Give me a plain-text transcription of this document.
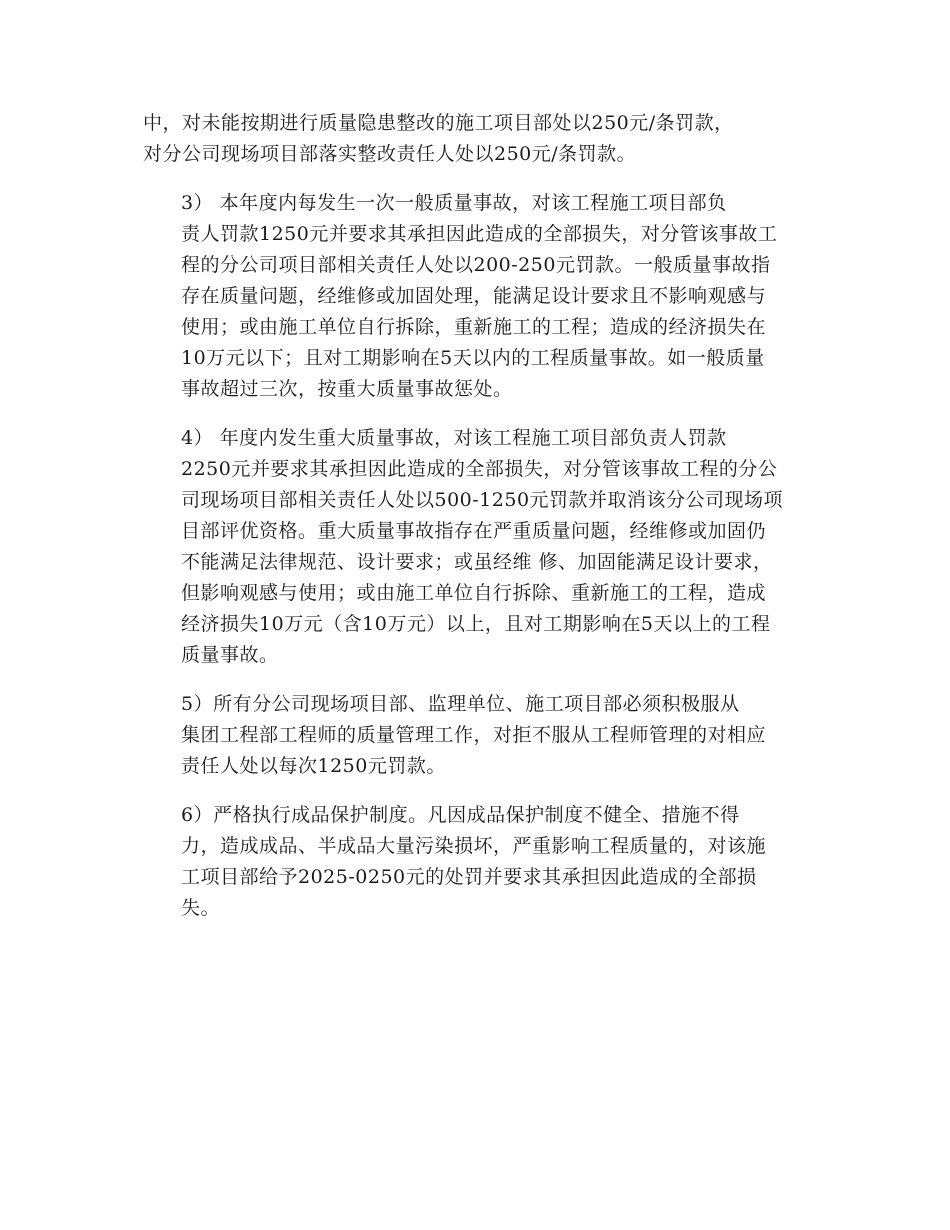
中，对未能按期进行质量隐患整改的施工项目部处以250元/条罚款，
对分公司现场项目部落实整改责任人处以250元/条罚款。

3） 本年度内每发生一次一般质量事故，对该工程施工项目部负
责人罚款1250元并要求其承担因此造成的全部损失，对分管该事故工
程的分公司项目部相关责任人处以200-250元罚款。一般质量事故指
存在质量问题，经维修或加固处理，能满足设计要求且不影响观感与
使用；或由施工单位自行拆除，重新施工的工程；造成的经济损失在
10万元以下；且对工期影响在5天以内的工程质量事故。如一般质量
事故超过三次，按重大质量事故惩处。

4） 年度内发生重大质量事故，对该工程施工项目部负责人罚款
2250元并要求其承担因此造成的全部损失，对分管该事故工程的分公
司现场项目部相关责任人处以500-1250元罚款并取消该分公司现场项
目部评优资格。重大质量事故指存在严重质量问题，经维修或加固仍
不能满足法律规范、设计要求；或虽经维 修、加固能满足设计要求，
但影响观感与使用；或由施工单位自行拆除、重新施工的工程，造成
经济损失10万元（含10万元）以上，且对工期影响在5天以上的工程
质量事故。

5）所有分公司现场项目部、监理单位、施工项目部必须积极服从
集团工程部工程师的质量管理工作，对拒不服从工程师管理的对相应
责任人处以每次1250元罚款。

6）严格执行成品保护制度。凡因成品保护制度不健全、措施不得
力，造成成品、半成品大量污染损坏，严重影响工程质量的，对该施
工项目部给予2025-0250元的处罚并要求其承担因此造成的全部损
失。
